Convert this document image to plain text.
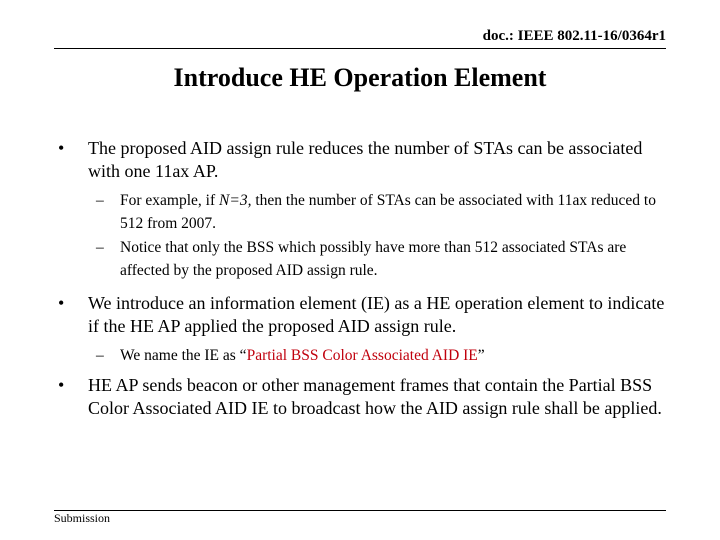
doc.: IEEE 802.11-16/0364r1
Introduce HE Operation Element
• The proposed AID assign rule reduces the number of STAs can be associated with one 11ax AP.
– For example, if N=3, then the number of STAs can be associated with 11ax reduced to 512 from 2007.
– Notice that only the BSS which possibly have more than 512 associated STAs are affected by the proposed AID assign rule.
• We introduce an information element (IE) as a HE operation element to indicate if the HE AP applied the proposed AID assign rule.
– We name the IE as “Partial BSS Color Associated AID IE”
• HE AP sends beacon or other management frames that contain the Partial BSS Color Associated AID IE to broadcast how the AID assign rule shall be applied.
Submission
